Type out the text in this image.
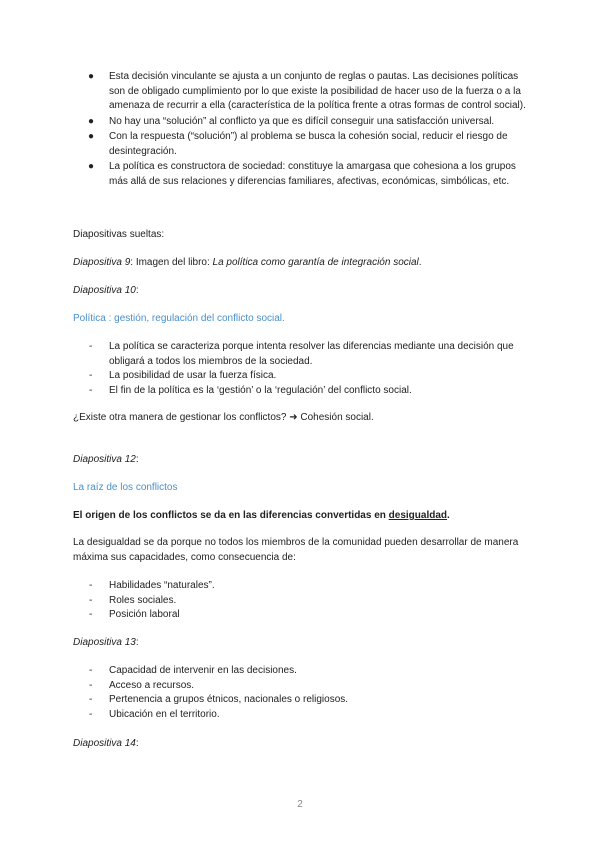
● Esta decisión vinculante se ajusta a un conjunto de reglas o pautas. Las decisiones políticas son de obligado cumplimiento por lo que existe la posibilidad de hacer uso de la fuerza o a la amenaza de recurrir a ella (característica de la política frente a otras formas de control social).
● No hay una “solución” al conflicto ya que es difícil conseguir una satisfacción universal.
● Con la respuesta (“solución”) al problema se busca la cohesión social, reducir el riesgo de desintegración.
● La política es constructora de sociedad: constituye la amargasa que cohesiona a los grupos más allá de sus relaciones y diferencias familiares, afectivas, económicas, simbólicas, etc.

Diapositivas sueltas:

Diapositiva 9: Imagen del libro: La política como garantía de integración social.

Diapositiva 10:

Política : gestión, regulación del conflicto social.

- La política se caracteriza porque intenta resolver las diferencias mediante una decisión que obligará a todos los miembros de la sociedad.
- La posibilidad de usar la fuerza física.
- El fin de la política es la ‘gestión’ o la ‘regulación’ del conflicto social.

¿Existe otra manera de gestionar los conflictos? ➜ Cohesión social.

Diapositiva 12:

La raíz de los conflictos

El origen de los conflictos se da en las diferencias convertidas en desigualdad.

La desigualdad se da porque no todos los miembros de la comunidad pueden desarrollar de manera máxima sus capacidades, como consecuencia de:

- Habilidades “naturales”.
- Roles sociales.
- Posición laboral

Diapositiva 13:

- Capacidad de intervenir en las decisiones.
- Acceso a recursos.
- Pertenencia a grupos étnicos, nacionales o religiosos.
- Ubicación en el territorio.

Diapositiva 14:

2
